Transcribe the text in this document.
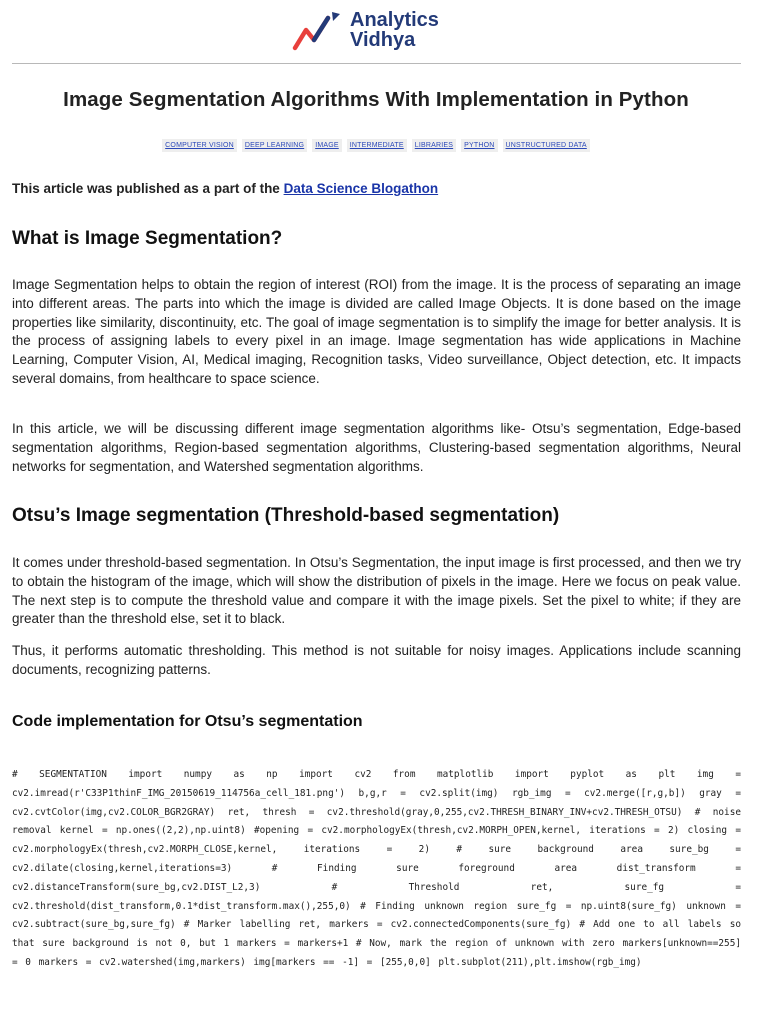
Analytics
Vidhya
Image Segmentation Algorithms With Implementation in Python
COMPUTER VISION	DEEP LEARNING	IMAGE	INTERMEDIATE	LIBRARIES	PYTHON	UNSTRUCTURED DATA

This article was published as a part of the Data Science Blogathon

What is Image Segmentation?

Image Segmentation helps to obtain the region of interest (ROI) from the image. It is the process of separating an image into different areas. The parts into which the image is divided are called Image Objects. It is done based on the image properties like similarity, discontinuity, etc. The goal of image segmentation is to simplify the image for better analysis. It is the process of assigning labels to every pixel in an image. Image segmentation has wide applications in Machine Learning, Computer Vision, AI, Medical imaging, Recognition tasks, Video surveillance, Object detection, etc. It impacts several domains, from healthcare to space science.

In this article, we will be discussing different image segmentation algorithms like- Otsu’s segmentation, Edge-based segmentation algorithms, Region-based segmentation algorithms, Clustering-based segmentation algorithms, Neural networks for segmentation, and Watershed segmentation algorithms.

Otsu’s Image segmentation (Threshold-based segmentation)

It comes under threshold-based segmentation. In Otsu’s Segmentation, the input image is first processed, and then we try to obtain the histogram of the image, which will show the distribution of pixels in the image. Here we focus on peak value. The next step is to compute the threshold value and compare it with the image pixels. Set the pixel to white; if they are greater than the threshold else, set it to black.

Thus, it performs automatic thresholding. This method is not suitable for noisy images. Applications include scanning documents, recognizing patterns.

Code implementation for Otsu’s segmentation

# SEGMENTATION import numpy as np import cv2 from matplotlib import pyplot as plt img = cv2.imread(r'C33P1thinF_IMG_20150619_114756a_cell_181.png') b,g,r = cv2.split(img) rgb_img = cv2.merge([r,g,b]) gray = cv2.cvtColor(img,cv2.COLOR_BGR2GRAY) ret, thresh = cv2.threshold(gray,0,255,cv2.THRESH_BINARY_INV+cv2.THRESH_OTSU) # noise removal kernel = np.ones((2,2),np.uint8) #opening = cv2.morphologyEx(thresh,cv2.MORPH_OPEN,kernel, iterations = 2) closing = cv2.morphologyEx(thresh,cv2.MORPH_CLOSE,kernel, iterations = 2) # sure background area sure_bg = cv2.dilate(closing,kernel,iterations=3) # Finding sure foreground area dist_transform = cv2.distanceTransform(sure_bg,cv2.DIST_L2,3) # Threshold ret, sure_fg = cv2.threshold(dist_transform,0.1*dist_transform.max(),255,0) # Finding unknown region sure_fg = np.uint8(sure_fg) unknown = cv2.subtract(sure_bg,sure_fg) # Marker labelling ret, markers = cv2.connectedComponents(sure_fg) # Add one to all labels so that sure background is not 0, but 1 markers = markers+1 # Now, mark the region of unknown with zero markers[unknown==255] = 0 markers = cv2.watershed(img,markers) img[markers == -1] = [255,0,0] plt.subplot(211),plt.imshow(rgb_img)
